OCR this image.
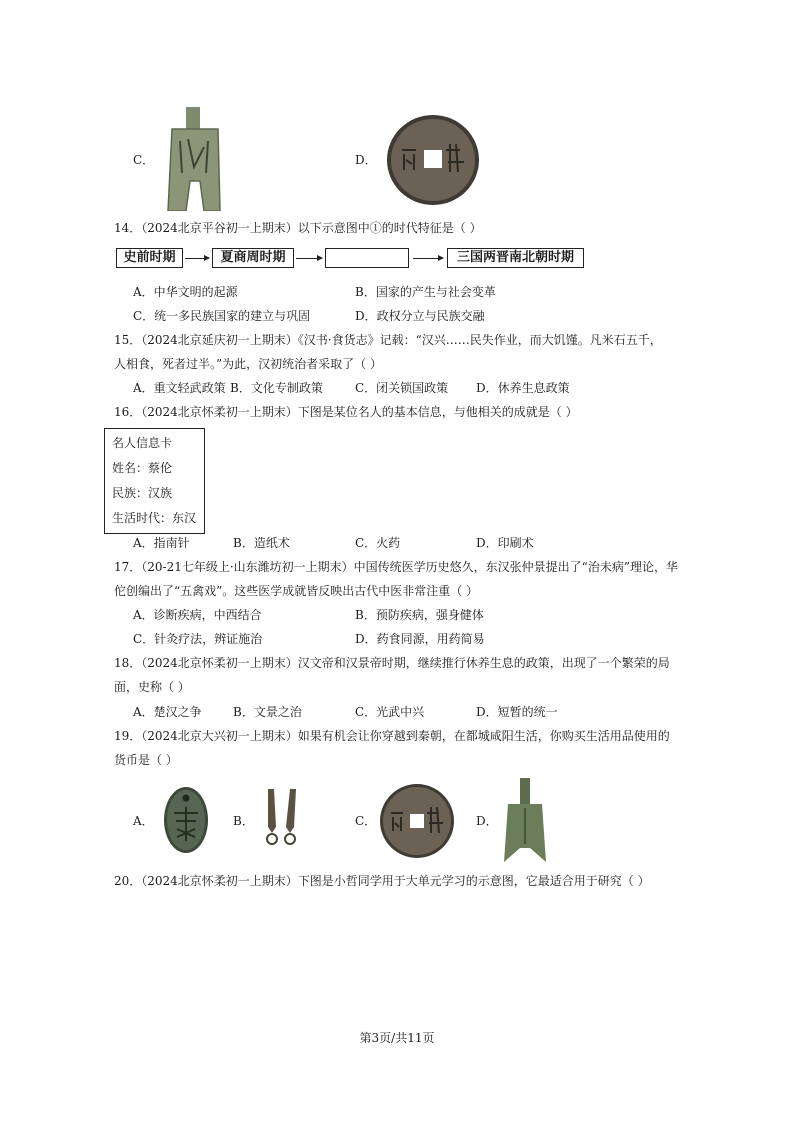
C．	D．
14．（2024北京平谷初一上期末）以下示意图中①的时代特征是（ ）
史前时期	夏商周时期	三国两晋南北朝时期
A．中华文明的起源	B．国家的产生与社会变革
C．统一多民族国家的建立与巩固	D．政权分立与民族交融
15．（2024北京延庆初一上期末）《汉书·食货志》记载：“汉兴……民失作业，而大饥馑。凡米石五千，
人相食，死者过半。”为此，汉初统治者采取了（ ）
A．重文轻武政策 B．文化专制政策	C．闭关锁国政策 D．休养生息政策
16．（2024北京怀柔初一上期末）下图是某位名人的基本信息，与他相关的成就是（ ）
名人信息卡
姓名：蔡伦
民族：汉族
生活时代：东汉
A．指南针	B．造纸术	C．火药	D．印刷术
17．（20-21七年级上·山东潍坊初一上期末）中国传统医学历史悠久，东汉张仲景提出了“治未病”理论，华
佗创编出了“五禽戏”。这些医学成就皆反映出古代中医非常注重（ ）
A．诊断疾病，中西结合	B．预防疾病，强身健体
C．针灸疗法，辨证施治	D．药食同源，用药简易
18．（2024北京怀柔初一上期末）汉文帝和汉景帝时期，继续推行休养生息的政策，出现了一个繁荣的局
面，史称（ ）
A．楚汉之争	B．文景之治	C．光武中兴	D．短暂的统一
19．（2024北京大兴初一上期末）如果有机会让你穿越到秦朝，在都城咸阳生活，你购买生活用品使用的
货币是（ ）
A．	B．	C．	D．
20．（2024北京怀柔初一上期末）下图是小哲同学用于大单元学习的示意图，它最适合用于研究（ ）
第3页/共11页
